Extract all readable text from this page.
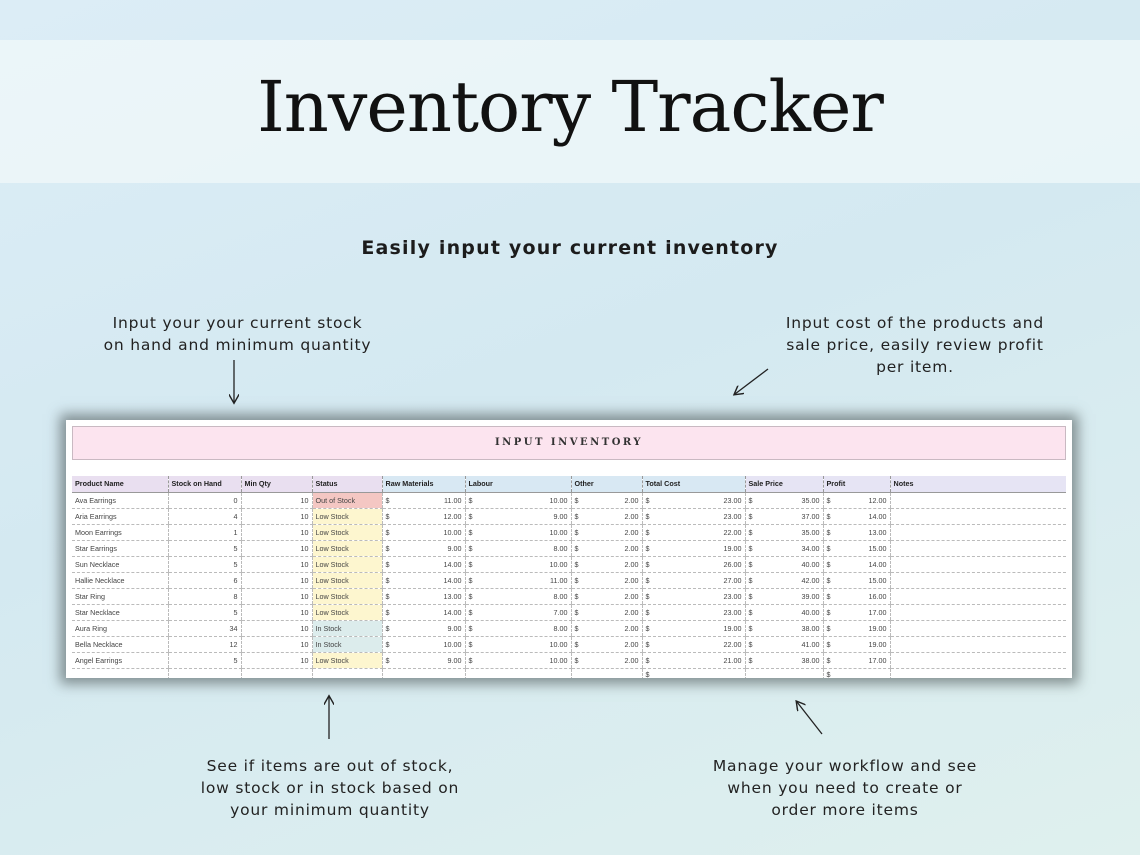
Inventory Tracker
Easily input your current inventory
Input your your current stock
on hand and minimum quantity
Input cost of the products and
sale price, easily review profit
per item.
See if items are out of stock,
low stock or in stock based on
your minimum quantity
Manage your workflow and see
when you need to create or
order more items
INPUT INVENTORY
Product Name	Stock on Hand	Min Qty	Status	Raw Materials	Labour	Other	Total Cost	Sale Price	Profit	Notes
Ava Earrings	0	10	Out of Stock	$ 11.00	$ 10.00	$ 2.00	$ 23.00	$ 35.00	$ 12.00	

Aria Earrings	4	10	Low Stock	$ 12.00	$ 9.00	$ 2.00	$ 23.00	$ 37.00	$ 14.00	

Moon Earrings	1	10	Low Stock	$ 10.00	$ 10.00	$ 2.00	$ 22.00	$ 35.00	$ 13.00	

Star Earrings	5	10	Low Stock	$ 9.00	$ 8.00	$ 2.00	$ 19.00	$ 34.00	$ 15.00	

Sun Necklace	5	10	Low Stock	$ 14.00	$ 10.00	$ 2.00	$ 26.00	$ 40.00	$ 14.00	

Hallie Necklace	6	10	Low Stock	$ 14.00	$ 11.00	$ 2.00	$ 27.00	$ 42.00	$ 15.00	

Star Ring	8	10	Low Stock	$ 13.00	$ 8.00	$ 2.00	$ 23.00	$ 39.00	$ 16.00	

Star Necklace	5	10	Low Stock	$ 14.00	$ 7.00	$ 2.00	$ 23.00	$ 40.00	$ 17.00	

Aura Ring	34	10	In Stock	$ 9.00	$ 8.00	$ 2.00	$ 19.00	$ 38.00	$ 19.00	

Bella Necklace	12	10	In Stock	$ 10.00	$ 10.00	$ 2.00	$ 22.00	$ 41.00	$ 19.00	

Angel Earrings	5	10	Low Stock	$ 9.00	$ 10.00	$ 2.00	$ 21.00	$ 38.00	$ 17.00	

							$		$	
